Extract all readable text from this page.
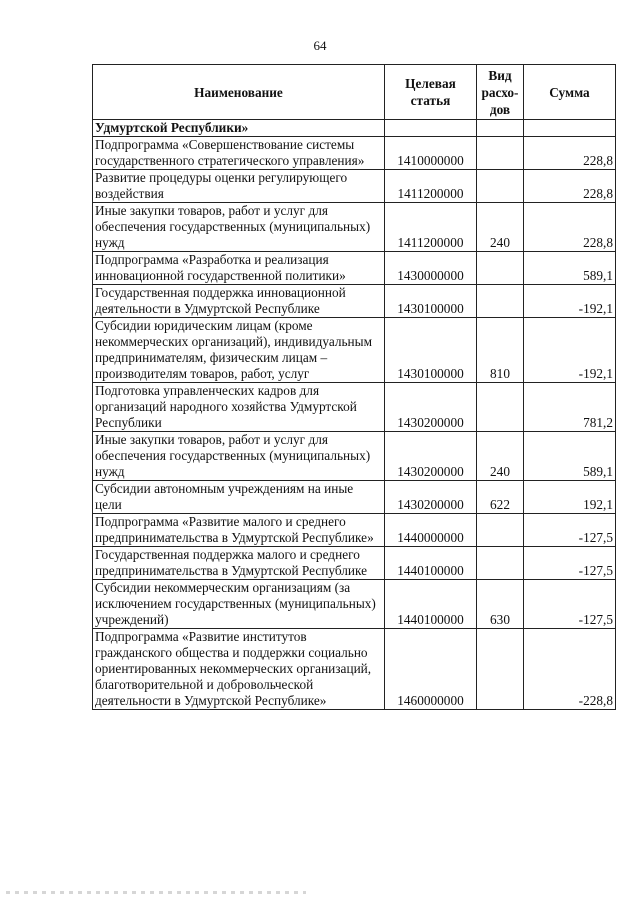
64
Наименование	Целевая статья	Вид расхо-дов	Сумма
Удмуртской Республики»			
Подпрограмма «Совершенствование системы государственного стратегического управления»	1410000000		228,8
Развитие процедуры оценки регулирующего воздействия	1411200000		228,8
Иные закупки товаров, работ и услуг для обеспечения государственных (муниципальных) нужд	1411200000	240	228,8
Подпрограмма «Разработка и реализация инновационной государственной политики»	1430000000		589,1
Государственная поддержка инновационной деятельности в Удмуртской Республике	1430100000		-192,1
Субсидии юридическим лицам (кроме некоммерческих организаций), индивидуальным предпринимателям, физическим лицам – производителям товаров, работ, услуг	1430100000	810	-192,1
Подготовка управленческих кадров для организаций народного хозяйства Удмуртской Республики	1430200000		781,2
Иные закупки товаров, работ и услуг для обеспечения государственных (муниципальных) нужд	1430200000	240	589,1
Субсидии автономным учреждениям на иные цели	1430200000	622	192,1
Подпрограмма «Развитие малого и среднего предпринимательства в Удмуртской Республике»	1440000000		-127,5
Государственная поддержка малого и среднего предпринимательства в Удмуртской Республике	1440100000		-127,5
Субсидии некоммерческим организациям (за исключением государственных (муниципальных) учреждений)	1440100000	630	-127,5
Подпрограмма «Развитие институтов гражданского общества и поддержки социально ориентированных некоммерческих организаций, благотворительной и добровольческой деятельности в Удмуртской Республике»	1460000000		-228,8
